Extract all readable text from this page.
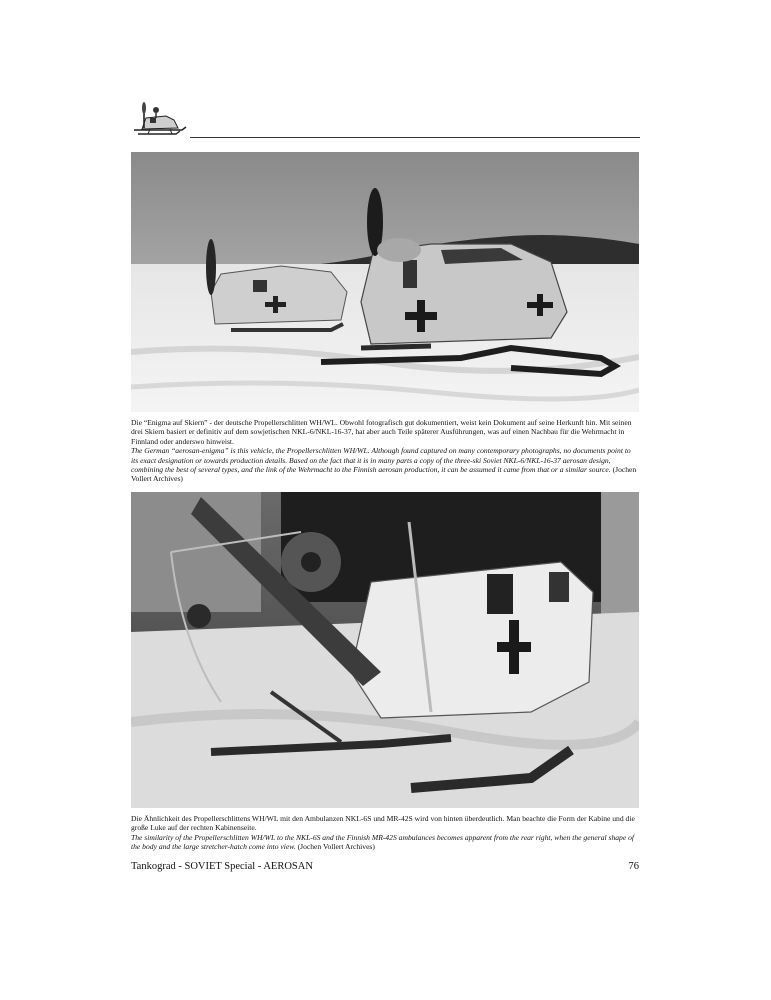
Die “Enigma auf Skiern” - der deutsche Propellerschlitten WH/WL. Obwohl fotografisch gut dokumentiert, weist kein Dokument auf seine Herkunft hin. Mit seinen drei Skiern basiert er definitiv auf dem sowjetischen NKL-6/NKL-16-37, hat aber auch Teile späterer Ausführungen, was auf einen Nachbau für die Wehrmacht in Finnland oder anderswo hinweist.

The German “aerosan-enigma” is this vehicle, the Propellerschlitten WH/WL. Although found captured on many contemporary photographs, no documents point to its exact designation or towards production details. Based on the fact that it is in many parts a copy of the three-ski Soviet NKL-6/NKL-16-37 aerosan design, combining the best of several types, and the link of the Wehrmacht to the Finnish aerosan production, it can be assumed it came from that or a similar source. (Jochen Vollert Archives)

Die Ähnlichkeit des Propellerschlittens WH/WL mit den Ambulanzen NKL-6S und MR-42S wird von hinten überdeutlich. Man beachte die Form der Kabine und die große Luke auf der rechten Kabinenseite.

The similarity of the Propellerschlitten WH/WL to the NKL-6S and the Finnish MR-42S ambulances becomes apparent from the rear right, when the general shape of the body and the large stretcher-hatch come into view. (Jochen Vollert Archives)

Tankograd - SOVIET Special - AEROSAN	76
